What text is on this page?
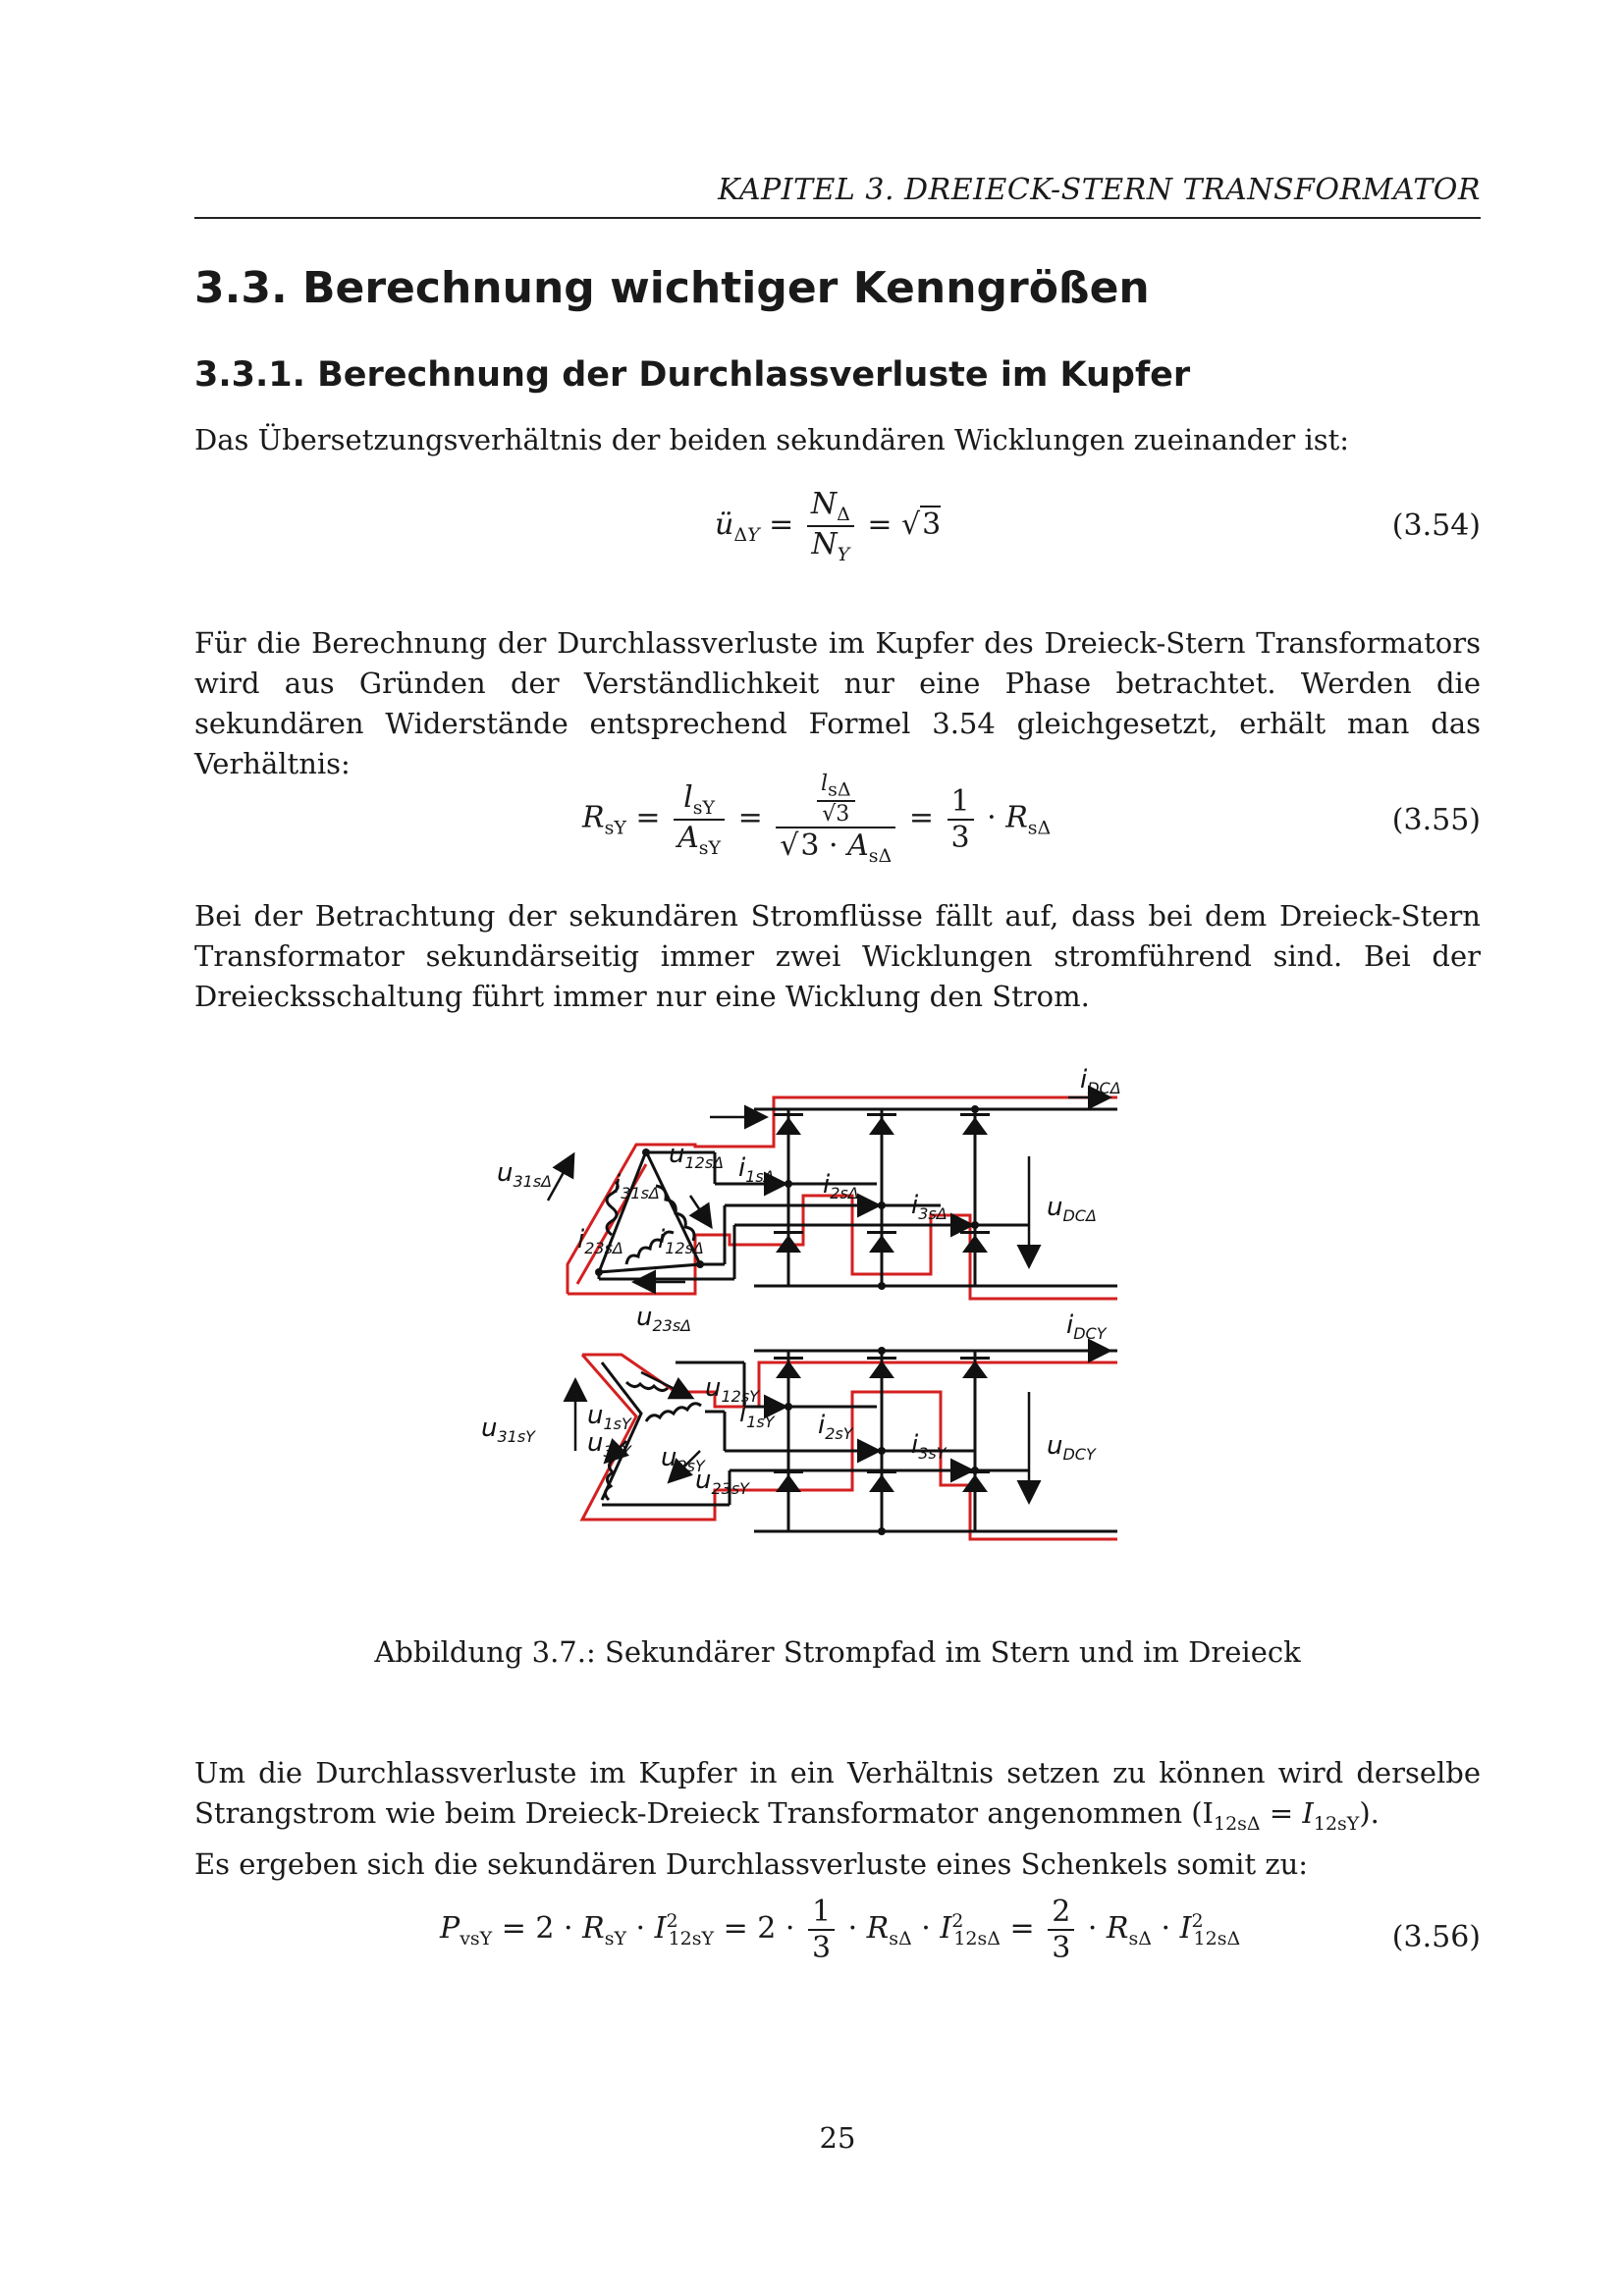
KAPITEL 3. DREIECK-STERN TRANSFORMATOR
3.3. Berechnung wichtiger Kenngrößen
3.3.1. Berechnung der Durchlassverluste im Kupfer

Das Übersetzungsverhältnis der beiden sekundären Wicklungen zueinander ist:

$ü_{\Delta Y} = \frac{N_\Delta}{N_Y} = √3$	(3.54)

Für die Berechnung der Durchlassverluste im Kupfer des Dreieck-Stern Transformators wird aus Gründen der Verständlichkeit nur eine Phase betrachtet. Werden die sekundären Widerstände entsprechend Formel 3.54 gleichgesetzt, erhält man das Verhältnis:

$R_{sY} = \frac{l_{sY}}{A_{sY}} = \frac{\frac{l_{s\Delta}}{√3}}{√3 \cdot A_{s\Delta}} = \frac{1}{3} \cdot R_{s\Delta}$	(3.55)

Bei der Betrachtung der sekundären Stromflüsse fällt auf, dass bei dem Dreieck-Stern Transformator sekundärseitig immer zwei Wicklungen stromführend sind. Bei der Dreiecksschaltung führt immer nur eine Wicklung den Strom.

$i_{DC\Delta}$
$u_{31s\Delta}$ $i_{31s\Delta}$
$u_{12s\Delta}$ $i_{1s\Delta}$ $i_{2s\Delta}$ $i_{3s\Delta}$	$u_{DC\Delta}$
$i_{23s\Delta}$ $i_{12s\Delta}$
$u_{23s\Delta}$	$i_{DCY}$
$u_{12sY}$
$i_{1sY}$ $i_{2sY}$ $i_{3sY}$	$u_{DCY}$
$u_{31sY}$
$u_{1sY}$
$u_{3sY}$ $u_{2sY}$
$u_{23sY}$
Abbildung 3.7.: Sekundärer Strompfad im Stern und im Dreieck

Um die Durchlassverluste im Kupfer in ein Verhältnis setzen zu können wird derselbe Strangstrom wie beim Dreieck-Dreieck Transformator angenommen $(I_{12s\Delta} = I_{12sY})$.
Es ergeben sich die sekundären Durchlassverluste eines Schenkels somit zu:

$P_{vsY} = 2 \cdot R_{sY} \cdot I^2_{12sY} = 2 \cdot \frac{1}{3} \cdot R_{s\Delta} \cdot I^2_{12s\Delta} = \frac{2}{3} \cdot R_{s\Delta} \cdot I^2_{12s\Delta}$	(3.56)
25
